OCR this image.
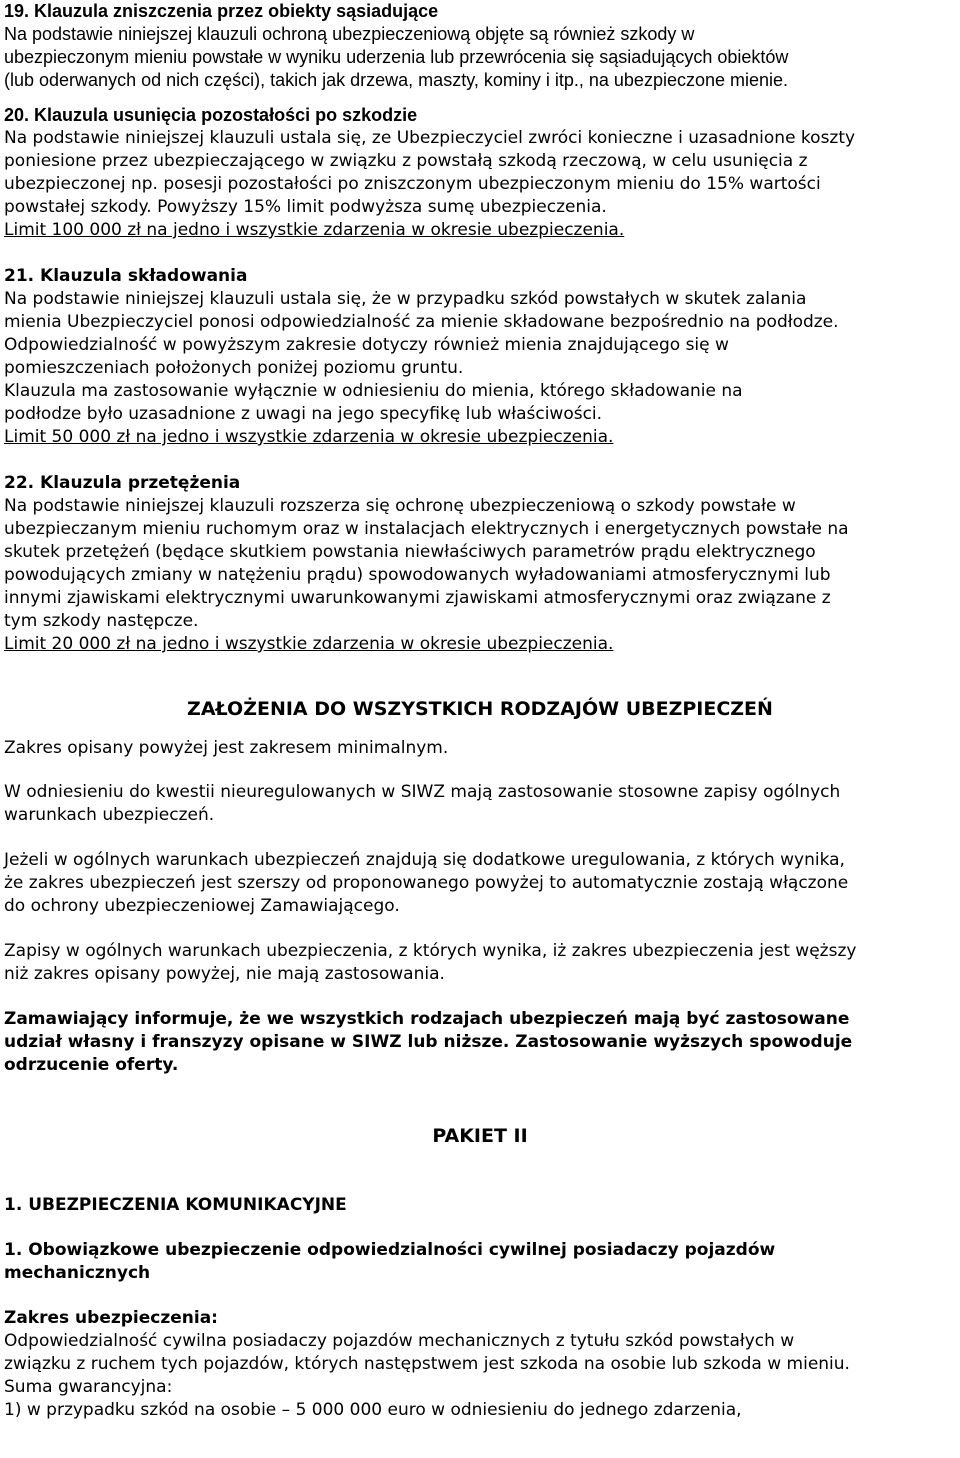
19. Klauzula zniszczenia przez obiekty sąsiadujące
Na podstawie niniejszej klauzuli ochroną ubezpieczeniową objęte są również szkody w
ubezpieczonym mieniu powstałe w wyniku uderzenia lub przewrócenia się sąsiadujących obiektów
(lub oderwanych od nich części), takich jak drzewa, maszty, kominy i itp., na ubezpieczone mienie.
20. Klauzula usunięcia pozostałości po szkodzie
Na podstawie niniejszej klauzuli ustala się, ze Ubezpieczyciel zwróci konieczne i uzasadnione koszty
poniesione przez ubezpieczającego w związku z powstałą szkodą rzeczową, w celu usunięcia z
ubezpieczonej np. posesji pozostałości po zniszczonym ubezpieczonym mieniu do 15% wartości
powstałej szkody. Powyższy 15% limit podwyższa sumę ubezpieczenia.
Limit 100 000 zł na jedno i wszystkie zdarzenia w okresie ubezpieczenia.
21. Klauzula składowania
Na podstawie niniejszej klauzuli ustala się, że w przypadku szkód powstałych w skutek zalania
mienia Ubezpieczyciel ponosi odpowiedzialność za mienie składowane bezpośrednio na podłodze.
Odpowiedzialność w powyższym zakresie dotyczy również mienia znajdującego się w
pomieszczeniach położonych poniżej poziomu gruntu.
Klauzula ma zastosowanie wyłącznie w odniesieniu do mienia, którego składowanie na
podłodze było uzasadnione z uwagi na jego specyfikę lub właściwości.
Limit 50 000 zł na jedno i wszystkie zdarzenia w okresie ubezpieczenia.
22. Klauzula przetężenia
Na podstawie niniejszej klauzuli rozszerza się ochronę ubezpieczeniową o szkody powstałe w
ubezpieczanym mieniu ruchomym oraz w instalacjach elektrycznych i energetycznych powstałe na
skutek przetężeń (będące skutkiem powstania niewłaściwych parametrów prądu elektrycznego
powodujących zmiany w natężeniu prądu) spowodowanych wyładowaniami atmosferycznymi lub
innymi zjawiskami elektrycznymi uwarunkowanymi zjawiskami atmosferycznymi oraz związane z
tym szkody następcze.
Limit 20 000 zł na jedno i wszystkie zdarzenia w okresie ubezpieczenia.
ZAŁOŻENIA DO WSZYSTKICH RODZAJÓW UBEZPIECZEŃ
Zakres opisany powyżej jest zakresem minimalnym.
W odniesieniu do kwestii nieuregulowanych w SIWZ mają zastosowanie stosowne zapisy ogólnych
warunkach ubezpieczeń.
Jeżeli w ogólnych warunkach ubezpieczeń znajdują się dodatkowe uregulowania, z których wynika,
że zakres ubezpieczeń jest szerszy od proponowanego powyżej to automatycznie zostają włączone
do ochrony ubezpieczeniowej Zamawiającego.
Zapisy w ogólnych warunkach ubezpieczenia, z których wynika, iż zakres ubezpieczenia jest węższy
niż zakres opisany powyżej, nie mają zastosowania.
Zamawiający informuje, że we wszystkich rodzajach ubezpieczeń mają być zastosowane
udział własny i franszyzy opisane w SIWZ lub niższe. Zastosowanie wyższych spowoduje
odrzucenie oferty.
PAKIET II
1. UBEZPIECZENIA KOMUNIKACYJNE
1. Obowiązkowe ubezpieczenie odpowiedzialności cywilnej posiadaczy pojazdów
mechanicznych
Zakres ubezpieczenia:
Odpowiedzialność cywilna posiadaczy pojazdów mechanicznych z tytułu szkód powstałych w
związku z ruchem tych pojazdów, których następstwem jest szkoda na osobie lub szkoda w mieniu.
Suma gwarancyjna:
1) w przypadku szkód na osobie – 5 000 000 euro w odniesieniu do jednego zdarzenia,
